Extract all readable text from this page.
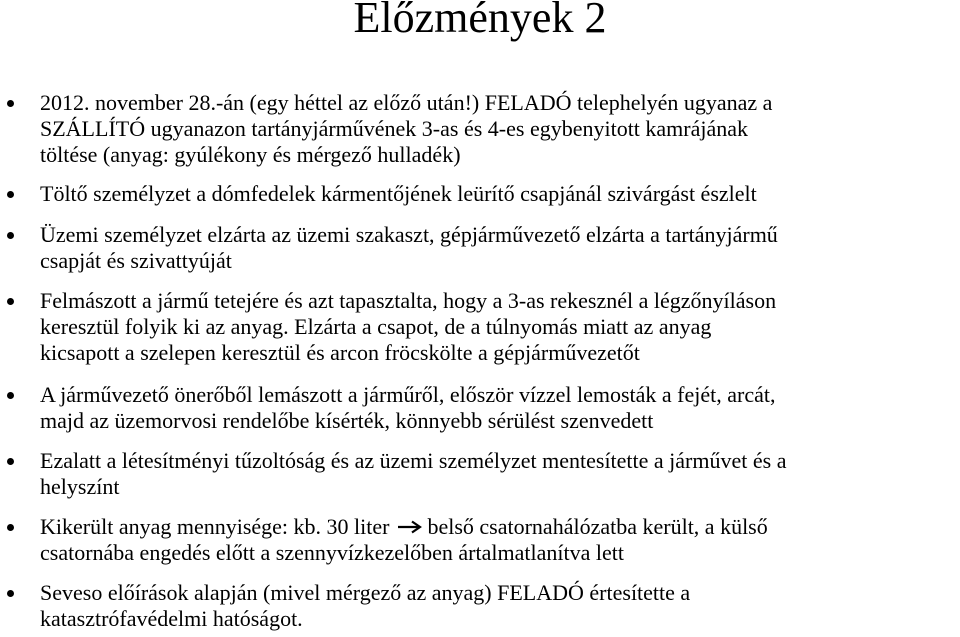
Előzmények 2
2012. november 28.-án (egy héttel az előző után!) FELADÓ telephelyén ugyanaz a
SZÁLLÍTÓ ugyanazon tartányjárművének 3-as és 4-es egybenyitott kamrájának
töltése (anyag: gyúlékony és mérgező hulladék)
Töltő személyzet a dómfedelek kármentőjének leürítő csapjánál szivárgást észlelt
Üzemi személyzet elzárta az üzemi szakaszt, gépjárművezető elzárta a tartányjármű
csapját és szivattyúját
Felmászott a jármű tetejére és azt tapasztalta, hogy a 3-as rekesznél a légzőnyíláson
keresztül folyik ki az anyag. Elzárta a csapot, de a túlnyomás miatt az anyag
kicsapott a szelepen keresztül és arcon fröcskölte a gépjárművezetőt
A járművezető önerőből lemászott a járműről, először vízzel lemosták a fejét, arcát,
majd az üzemorvosi rendelőbe kísérték, könnyebb sérülést szenvedett
Ezalatt a létesítményi tűzoltóság és az üzemi személyzet mentesítette a járművet és a
helyszínt
Kikerült anyag mennyisége: kb. 30 liter belső csatornahálózatba került, a külső
csatornába engedés előtt a szennyvízkezelőben ártalmatlanítva lett
Seveso előírások alapján (mivel mérgező az anyag) FELADÓ értesítette a
katasztrófavédelmi hatóságot.
